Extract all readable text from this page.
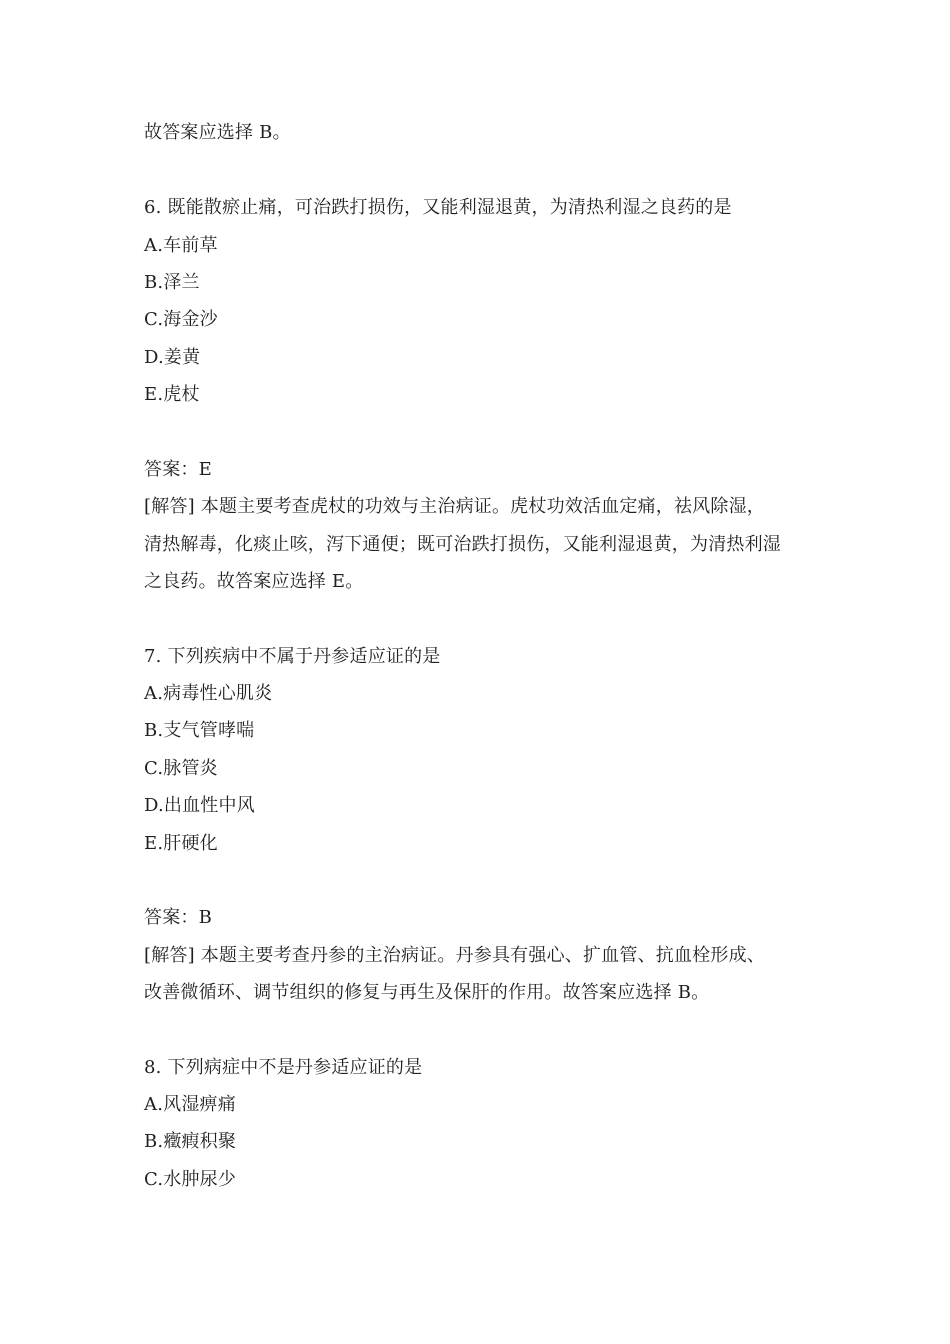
故答案应选择 B。
6. 既能散瘀止痛，可治跌打损伤，又能利湿退黄，为清热利湿之良药的是
A.车前草
B.泽兰
C.海金沙
D.姜黄
E.虎杖
答案：E
[解答] 本题主要考查虎杖的功效与主治病证。虎杖功效活血定痛，祛风除湿，
清热解毒，化痰止咳，泻下通便；既可治跌打损伤，又能利湿退黄，为清热利湿
之良药。故答案应选择 E。
7. 下列疾病中不属于丹参适应证的是
A.病毒性心肌炎
B.支气管哮喘
C.脉管炎
D.出血性中风
E.肝硬化
答案：B
[解答] 本题主要考查丹参的主治病证。丹参具有强心、扩血管、抗血栓形成、
改善微循环、调节组织的修复与再生及保肝的作用。故答案应选择 B。
8. 下列病症中不是丹参适应证的是
A.风湿痹痛
B.癥瘕积聚
C.水肿尿少
